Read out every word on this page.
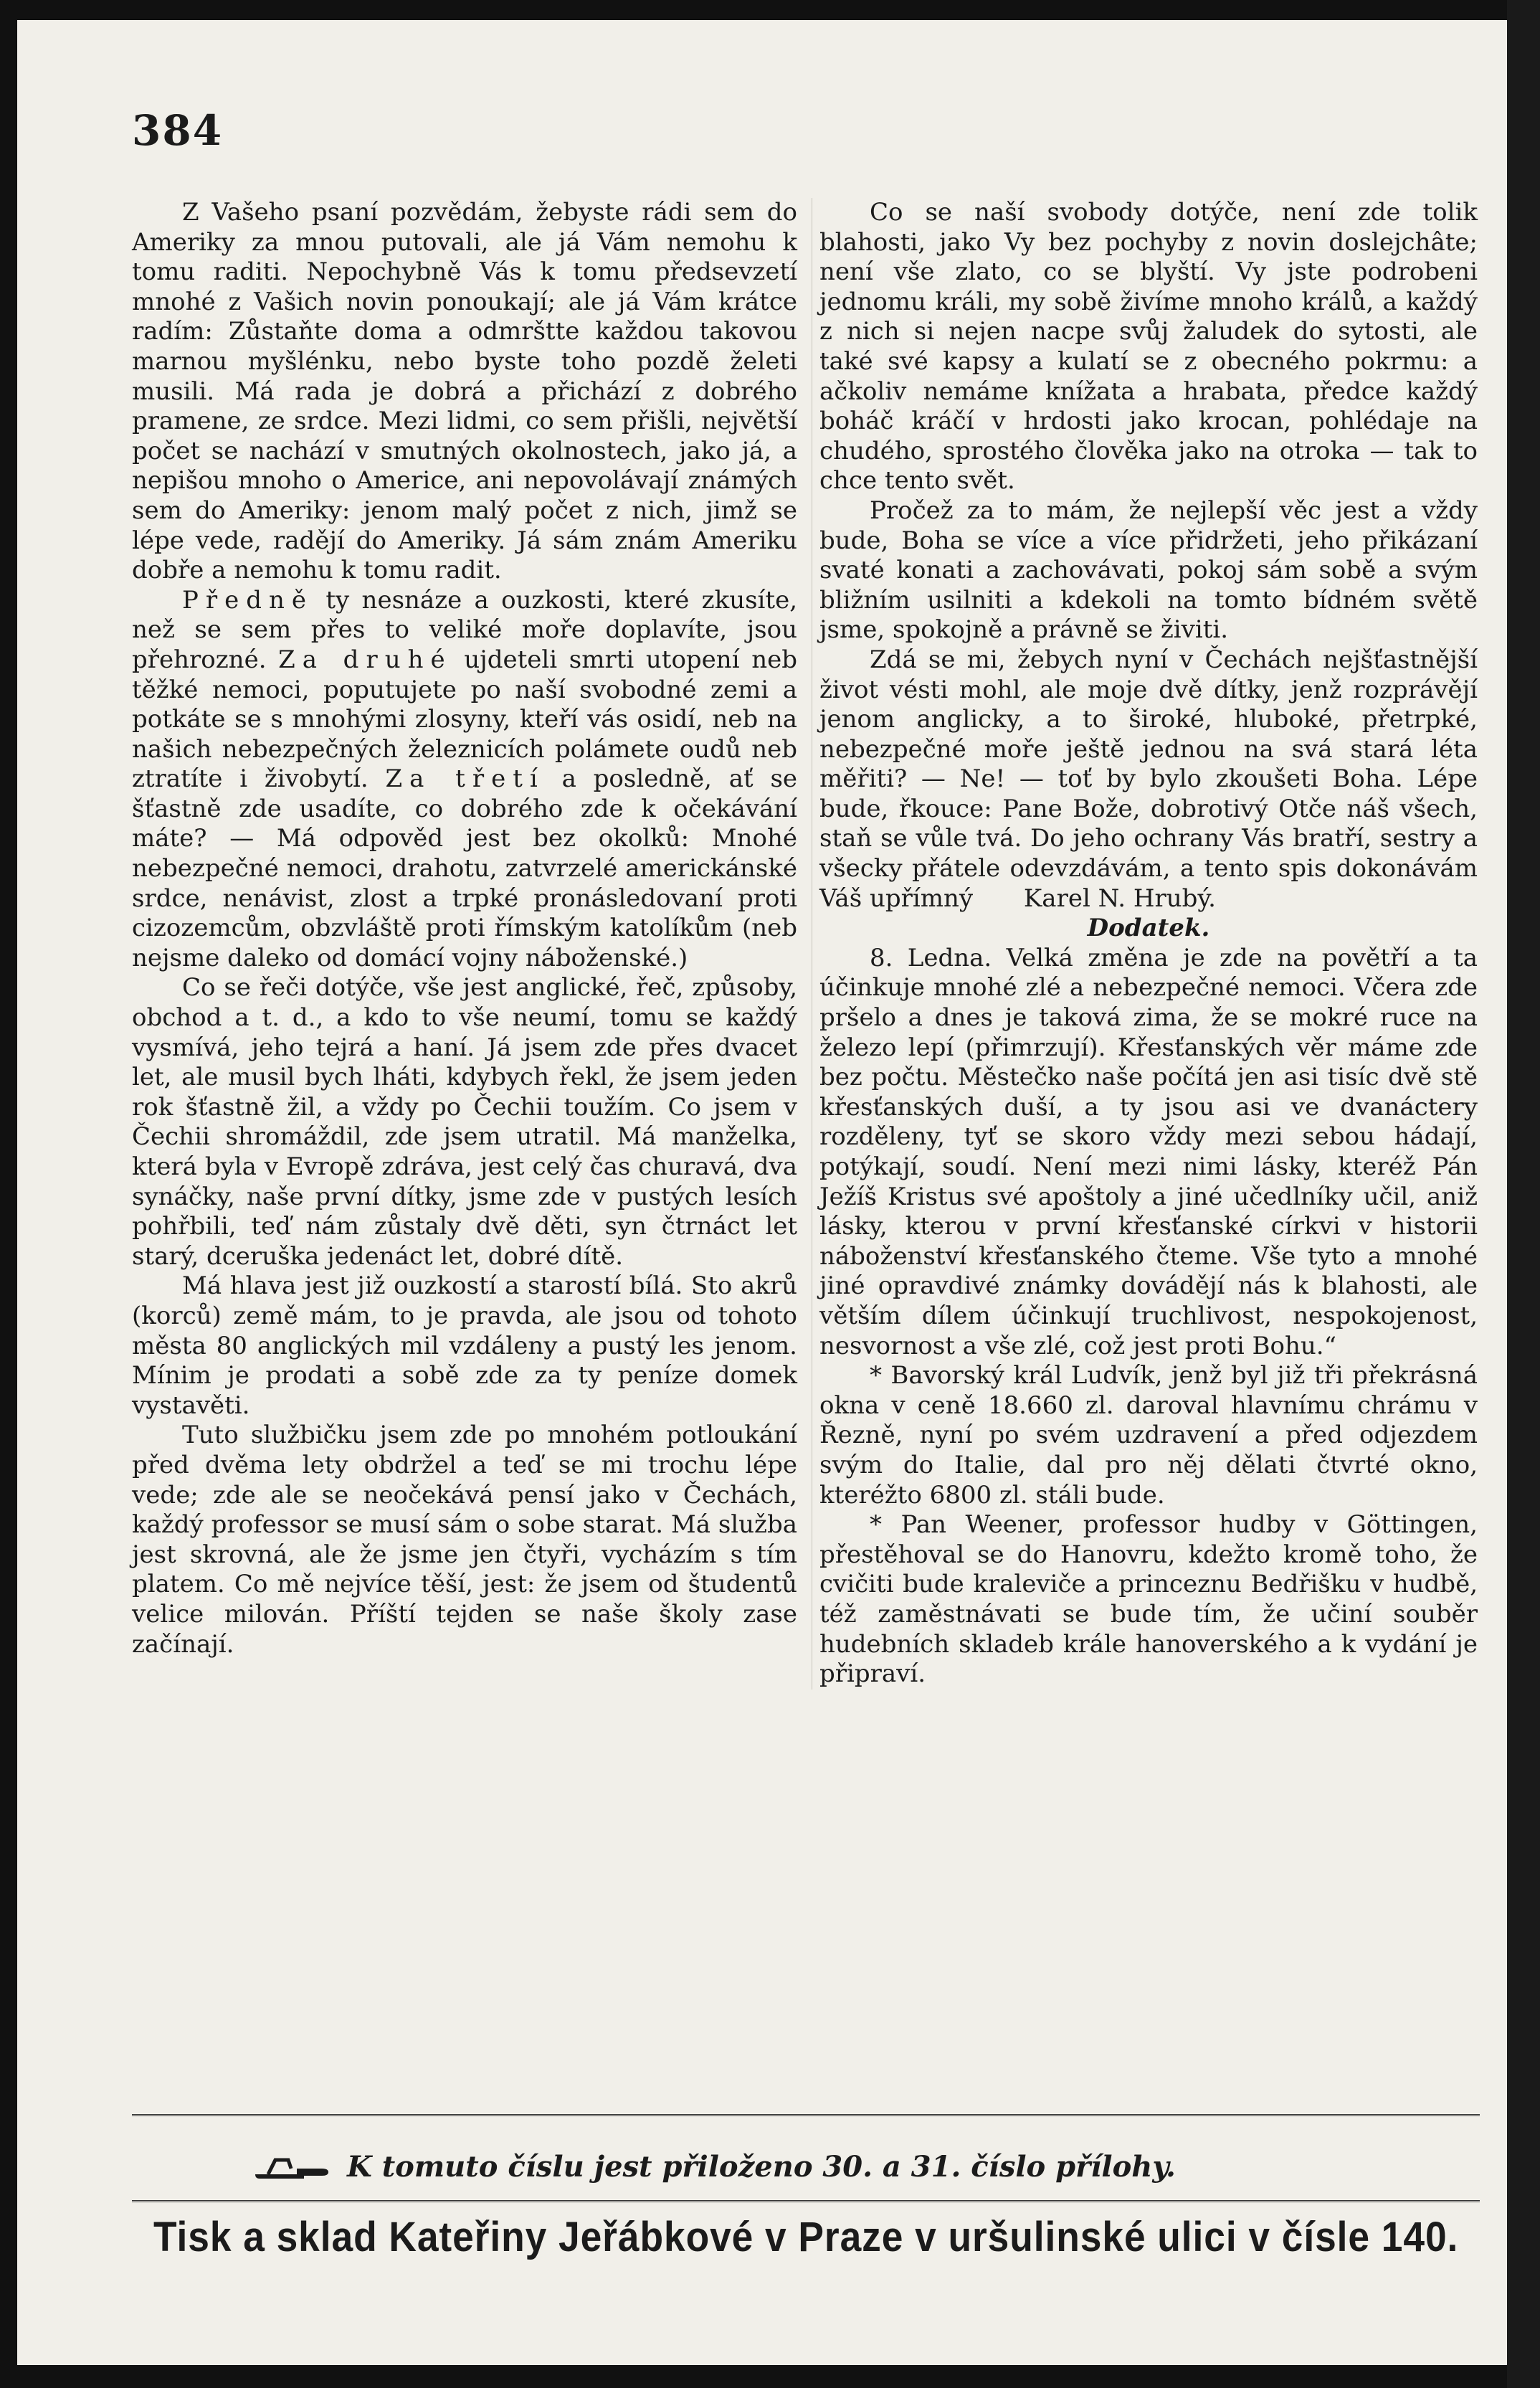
384

Z Vašeho psaní pozvědám, žebyste rádi sem do Ameriky za mnou putovali, ale já Vám nemohu k tomu raditi. Nepochybně Vás k tomu předsevzetí mnohé z Vašich novin ponoukají; ale já Vám krátce radím: Zůstaňte doma a odmrštte každou takovou marnou myšlénku, nebo byste toho pozdě želeti musili. Má rada je dobrá a přichází z dobrého pramene, ze srdce. Mezi lidmi, co sem přišli, největší počet se nachází v smutných okolnostech, jako já, a nepišou mnoho o Americe, ani nepovolávají známých sem do Ameriky: jenom malý počet z nich, jimž se lépe vede, radějí do Ameriky. Já sám znám Ameriku dobře a nemohu k tomu radit.

Předně ty nesnáze a ouzkosti, které zkusíte, než se sem přes to veliké moře doplavíte, jsou přehrozné. Za druhé ujdeteli smrti utopení neb těžké nemoci, poputujete po naší svobodné zemi a potkáte se s mnohými zlosyny, kteří vás osidí, neb na našich nebezpečných železnicích polámete oudů neb ztratíte i živobytí. Za třetí a posledně, ať se šťastně zde usadíte, co dobrého zde k očekávání máte? — Má odpověd jest bez okolků: Mnohé nebezpečné nemoci, drahotu, zatvrzelé americkánské srdce, nenávist, zlost a trpké pronásledovaní proti cizozemcům, obzvláště proti římským katolíkům (neb nejsme daleko od domácí vojny náboženské.)

Co se řeči dotýče, vše jest anglické, řeč, způsoby, obchod a t. d., a kdo to vše neumí, tomu se každý vysmívá, jeho tejrá a haní. Já jsem zde přes dvacet let, ale musil bych lháti, kdybych řekl, že jsem jeden rok šťastně žil, a vždy po Čechii toužím. Co jsem v Čechii shromáždil, zde jsem utratil. Má manželka, která byla v Evropě zdráva, jest celý čas churavá, dva synáčky, naše první dítky, jsme zde v pustých lesích pohřbili, teď nám zůstaly dvě děti, syn čtrnáct let starý, dceruška jedenáct let, dobré dítě.

Má hlava jest již ouzkostí a starostí bílá. Sto akrů (korců) země mám, to je pravda, ale jsou od tohoto města 80 anglických mil vzdáleny a pustý les jenom. Mínim je prodati a sobě zde za ty peníze domek vystavěti.

Tuto službičku jsem zde po mnohém potloukání před dvěma lety obdržel a teď se mi trochu lépe vede; zde ale se neočekává pensí jako v Čechách, každý professor se musí sám o sobe starat. Má služba jest skrovná, ale že jsme jen čtyři, vycházím s tím platem. Co mě nejvíce těší, jest: že jsem od študentů velice milován. Příští tejden se naše školy zase začínají.

Co se naší svobody dotýče, není zde tolik blahosti, jako Vy bez pochyby z novin doslejchâte; není vše zlato, co se blyští. Vy jste podrobeni jednomu králi, my sobě živíme mnoho králů, a každý z nich si nejen nacpe svůj žaludek do sytosti, ale také své kapsy a kulatí se z obecného pokrmu: a ačkoliv nemáme knížata a hrabata, předce každý boháč kráčí v hrdosti jako krocan, pohlédaje na chudého, sprostého člověka jako na otroka — tak to chce tento svět.

Pročež za to mám, že nejlepší věc jest a vždy bude, Boha se více a více přidržeti, jeho přikázaní svaté konati a zachovávati, pokoj sám sobě a svým bližním usilniti a kdekoli na tomto bídném světě jsme, spokojně a právně se živiti.

Zdá se mi, žebych nyní v Čechách nejšťastnější život vésti mohl, ale moje dvě dítky, jenž rozprávějí jenom anglicky, a to široké, hluboké, přetrpké, nebezpečné moře ještě jednou na svá stará léta měřiti? — Ne! — toť by bylo zkoušeti Boha. Lépe bude, řkouce: Pane Bože, dobrotivý Otče náš všech, staň se vůle tvá. Do jeho ochrany Vás bratří, sestry a všecky přátele odevzdávám, a tento spis dokonávám Váš upřímný Karel N. Hrubý.

Dodatek.

8. Ledna. Velká změna je zde na povětří a ta účinkuje mnohé zlé a nebezpečné nemoci. Včera zde pršelo a dnes je taková zima, že se mokré ruce na železo lepí (přimrzují). Křesťanských věr máme zde bez počtu. Městečko naše počítá jen asi tisíc dvě stě křesťanských duší, a ty jsou asi ve dvanáctery rozděleny, tyť se skoro vždy mezi sebou hádají, potýkají, soudí. Není mezi nimi lásky, kteréž Pán Ježíš Kristus své apoštoly a jiné učedlníky učil, aniž lásky, kterou v první křesťanské církvi v historii náboženství křesťanského čteme. Vše tyto a mnohé jiné opravdivé známky dovádějí nás k blahosti, ale větším dílem účinkují truchlivost, nespokojenost, nesvornost a vše zlé, což jest proti Bohu.“

* Bavorský král Ludvík, jenž byl již tři překrásná okna v ceně 18.660 zl. daroval hlavnímu chrámu v Řezně, nyní po svém uzdravení a před odjezdem svým do Italie, dal pro něj dělati čtvrté okno, kteréžto 6800 zl. stáli bude.

* Pan Weener, professor hudby v Göttingen, přestěhoval se do Hanovru, kdežto kromě toho, že cvičiti bude kraleviče a princeznu Bedřišku v hudbě, též zaměstnávati se bude tím, že učiní souběr hudebních skladeb krále hanoverského a k vydání je připraví.

K tomuto číslu jest přiloženo 30. a 31. číslo přílohy.
Tisk a sklad Kateřiny Jeřábkové v Praze v uršulinské ulici v čísle 140.
